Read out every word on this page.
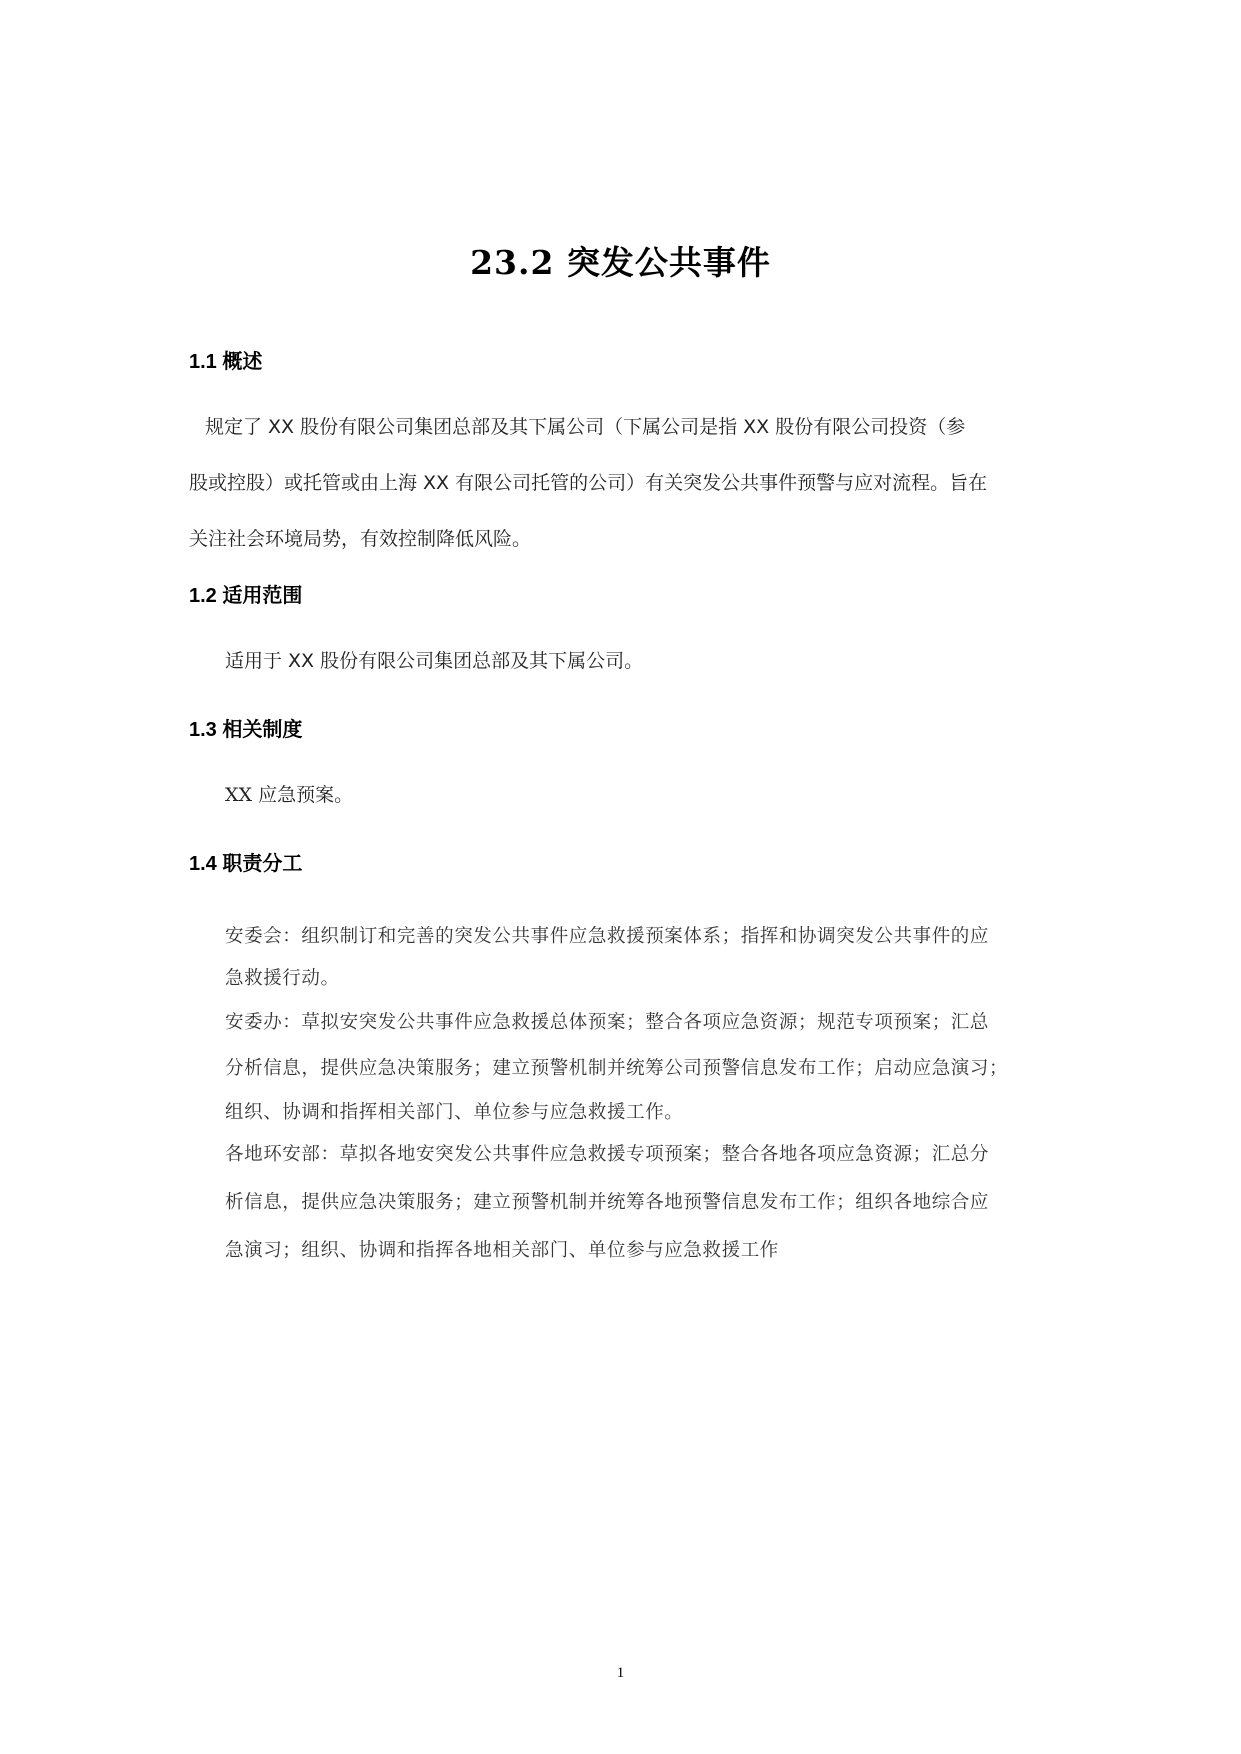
23.2 突发公共事件
1.1 概述
规定了 XX 股份有限公司集团总部及其下属公司（下属公司是指 XX 股份有限公司投资（参
股或控股）或托管或由上海 XX 有限公司托管的公司）有关突发公共事件预警与应对流程。旨在
关注社会环境局势，有效控制降低风险。
1.2 适用范围
适用于 XX 股份有限公司集团总部及其下属公司。
1.3 相关制度
XX 应急预案。
1.4 职责分工
安委会：组织制订和完善的突发公共事件应急救援预案体系；指挥和协调突发公共事件的应
急救援行动。
安委办：草拟安突发公共事件应急救援总体预案；整合各项应急资源；规范专项预案；汇总
分析信息，提供应急决策服务；建立预警机制并统筹公司预警信息发布工作；启动应急演习；
组织、协调和指挥相关部门、单位参与应急救援工作。
各地环安部：草拟各地安突发公共事件应急救援专项预案；整合各地各项应急资源；汇总分
析信息，提供应急决策服务；建立预警机制并统筹各地预警信息发布工作；组织各地综合应
急演习；组织、协调和指挥各地相关部门、单位参与应急救援工作
1
